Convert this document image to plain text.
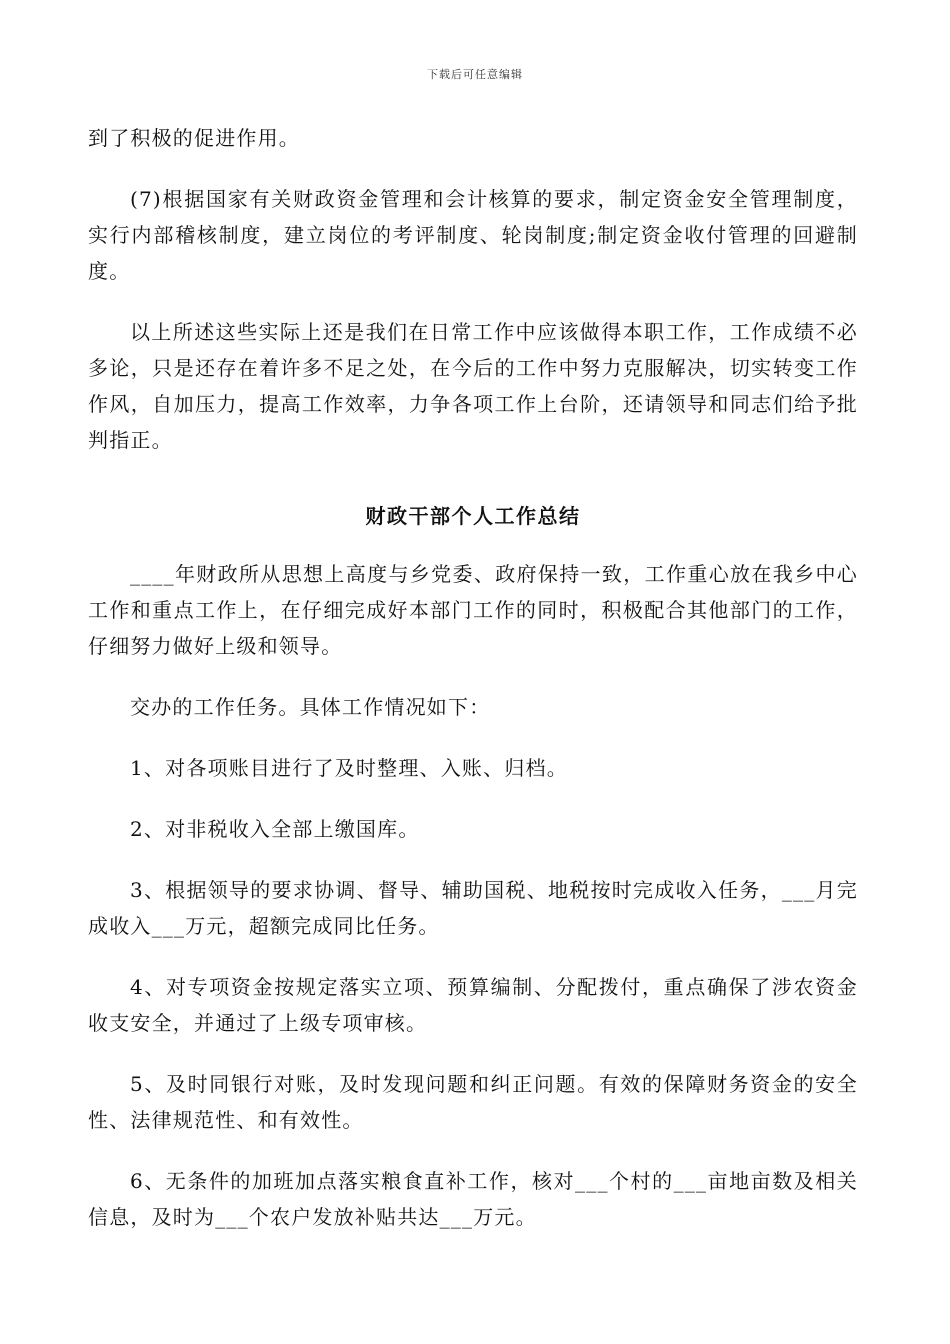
下载后可任意编辑

到了积极的促进作用。

(7)根据国家有关财政资金管理和会计核算的要求，制定资金安全管理制度，实行内部稽核制度，建立岗位的考评制度、轮岗制度;制定资金收付管理的回避制度。

以上所述这些实际上还是我们在日常工作中应该做得本职工作，工作成绩不必多论，只是还存在着许多不足之处，在今后的工作中努力克服解决，切实转变工作作风，自加压力，提高工作效率，力争各项工作上台阶，还请领导和同志们给予批判指正。

财政干部个人工作总结

____年财政所从思想上高度与乡党委、政府保持一致，工作重心放在我乡中心工作和重点工作上，在仔细完成好本部门工作的同时，积极配合其他部门的工作，仔细努力做好上级和领导。

交办的工作任务。具体工作情况如下：

1、对各项账目进行了及时整理、入账、归档。

2、对非税收入全部上缴国库。

3、根据领导的要求协调、督导、辅助国税、地税按时完成收入任务，___月完成收入___万元，超额完成同比任务。

4、对专项资金按规定落实立项、预算编制、分配拨付，重点确保了涉农资金收支安全，并通过了上级专项审核。

5、及时同银行对账，及时发现问题和纠正问题。有效的保障财务资金的安全性、法律规范性、和有效性。

6、无条件的加班加点落实粮食直补工作，核对___个村的___亩地亩数及相关信息，及时为___个农户发放补贴共达___万元。
